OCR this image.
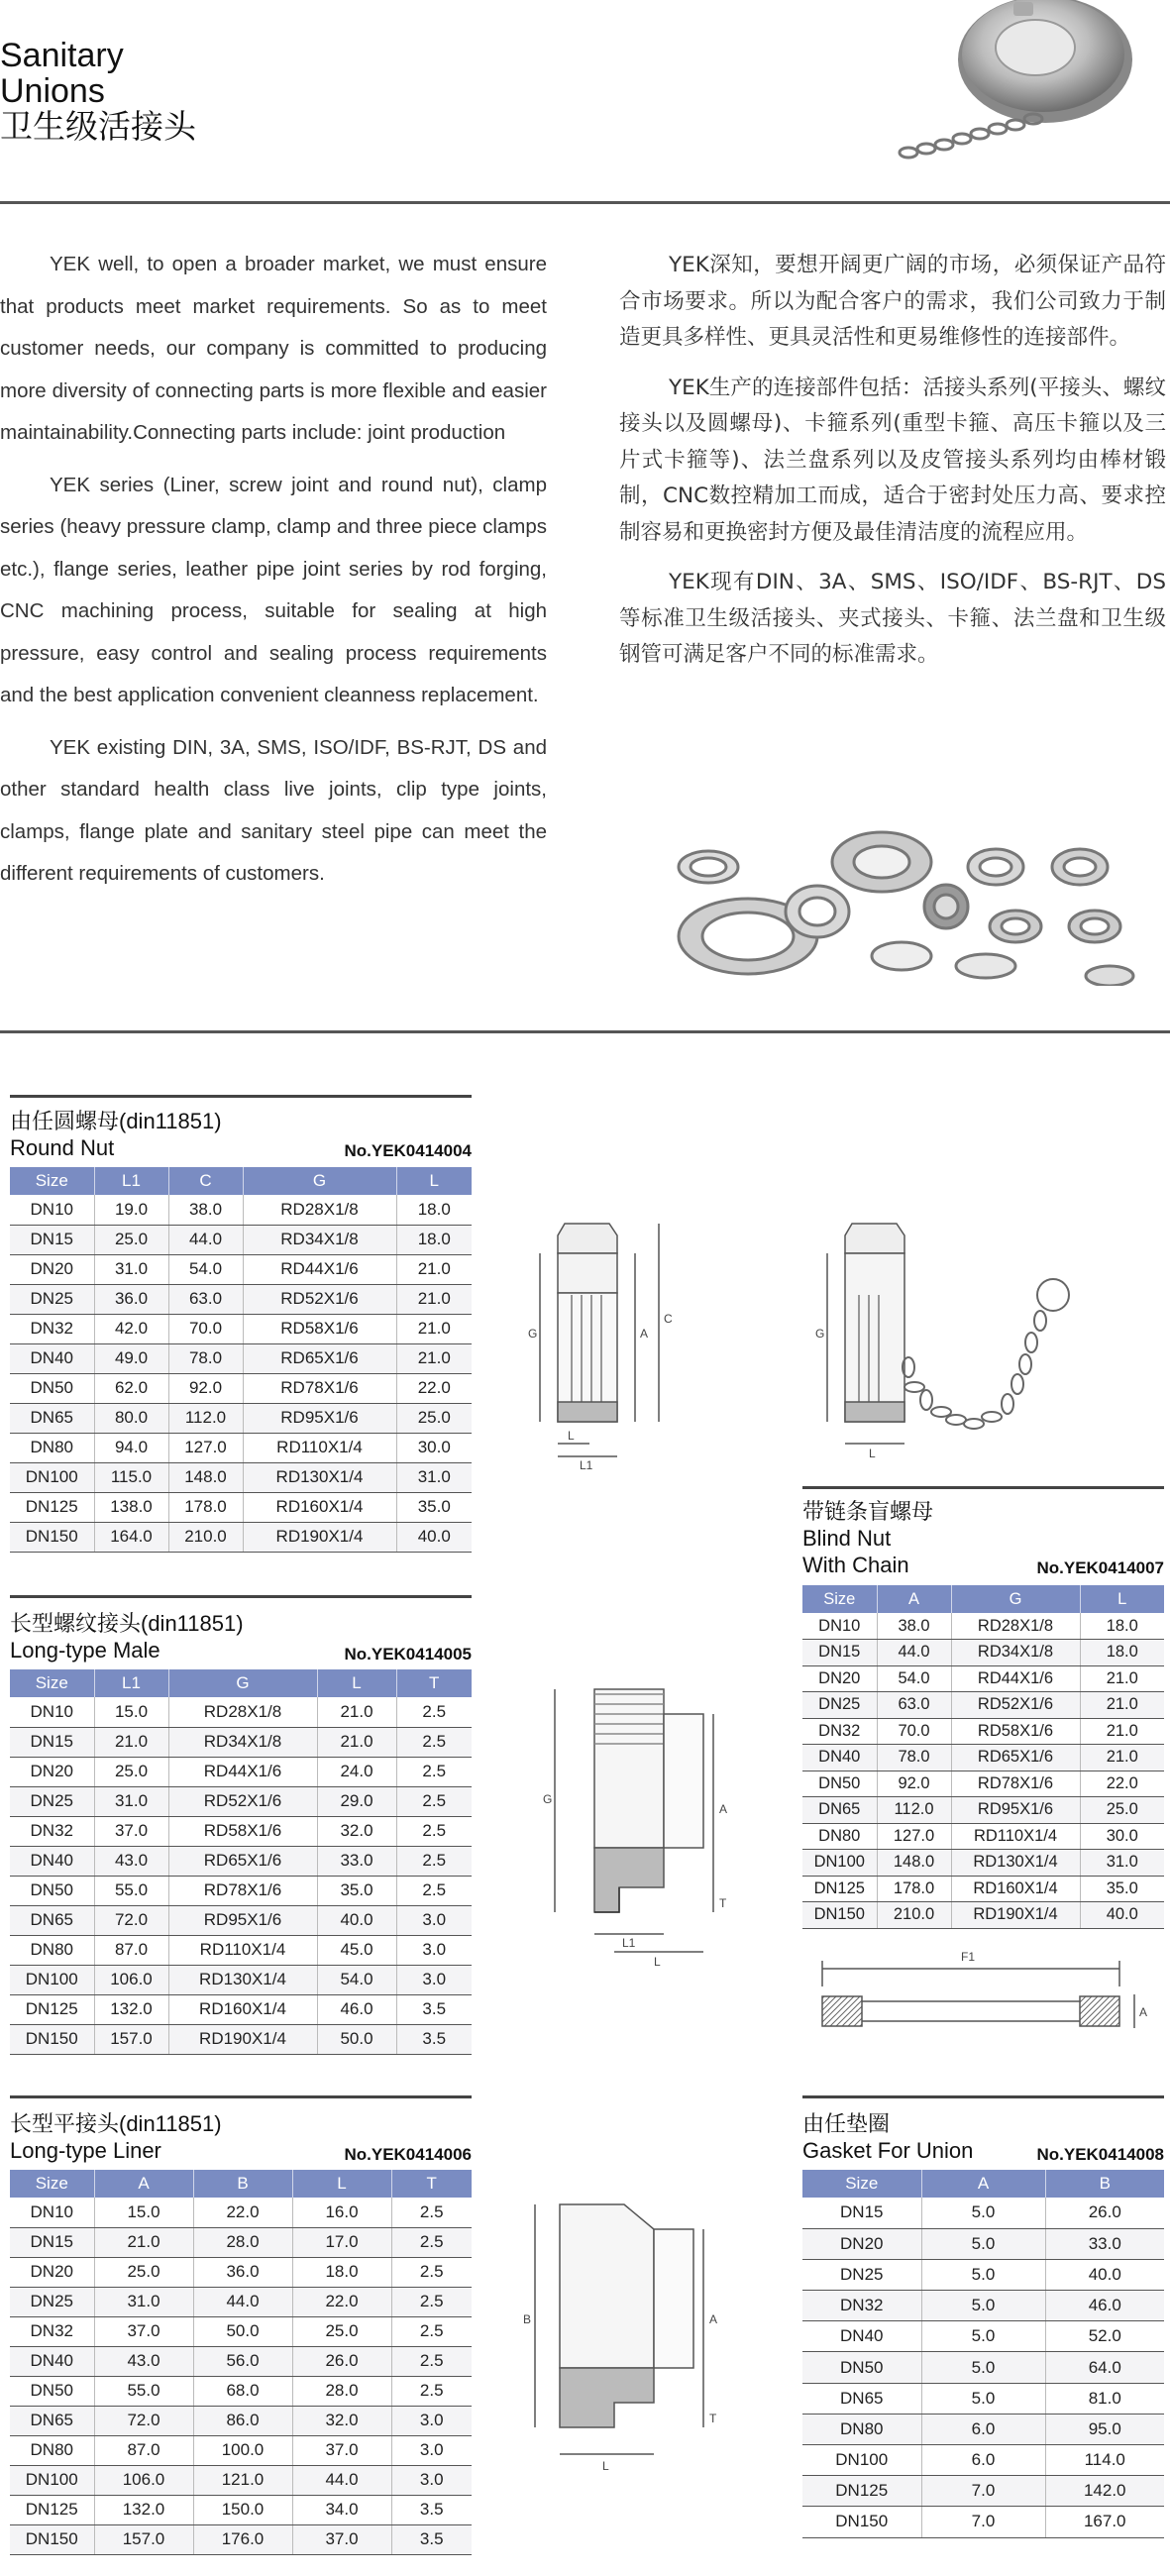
Sanitary
Unions
卫生级活接头

YEK well, to open a broader market, we must ensure that products meet market requirements. So as to meet customer needs, our company is committed to producing more diversity of connecting parts is more flexible and easier maintainability.Connecting parts include: joint production

YEK series (Liner, screw joint and round nut), clamp series (heavy pressure clamp, clamp and three piece clamps etc.), flange series, leather pipe joint series by rod forging, CNC machining process, suitable for sealing at high pressure, easy control and sealing process requirements and the best application convenient cleanness replacement.

YEK existing DIN, 3A, SMS, ISO/IDF, BS-RJT, DS and other standard health class live joints, clip type joints, clamps, flange plate and sanitary steel pipe can meet the different requirements of customers.

YEK深知，要想开阔更广阔的市场，必须保证产品符合市场要求。所以为配合客户的需求，我们公司致力于制造更具多样性、更具灵活性和更易维修性的连接部件。

YEK生产的连接部件包括：活接头系列(平接头、螺纹接头以及圆螺母)、卡箍系列(重型卡箍、高压卡箍以及三片式卡箍等)、法兰盘系列以及皮管接头系列均由棒材锻制，CNC数控精加工而成，适合于密封处压力高、要求控制容易和更换密封方便及最佳清洁度的流程应用。

YEK现有DIN、3A、SMS、ISO/IDF、BS-RJT、DS等标准卫生级活接头、夹式接头、卡箍、法兰盘和卫生级钢管可满足客户不同的标准需求。

由任圆螺母(din11851)
Round Nut	No.YEK0414004
Size	L1	C	G	L
DN10	19.0	38.0	RD28X1/8	18.0
DN15	25.0	44.0	RD34X1/8	18.0
DN20	31.0	54.0	RD44X1/6	21.0
DN25	36.0	63.0	RD52X1/6	21.0
DN32	42.0	70.0	RD58X1/6	21.0
DN40	49.0	78.0	RD65X1/6	21.0
DN50	62.0	92.0	RD78X1/6	22.0
DN65	80.0	112.0	RD95X1/6	25.0
DN80	94.0	127.0	RD110X1/4	30.0
DN100	115.0	148.0	RD130X1/4	31.0
DN125	138.0	178.0	RD160X1/4	35.0
DN150	164.0	210.0	RD190X1/4	40.0
长型螺纹接头(din11851)
Long-type Male	No.YEK0414005
Size	L1	G	L	T
DN10	15.0	RD28X1/8	21.0	2.5
DN15	21.0	RD34X1/8	21.0	2.5
DN20	25.0	RD44X1/6	24.0	2.5
DN25	31.0	RD52X1/6	29.0	2.5
DN32	37.0	RD58X1/6	32.0	2.5
DN40	43.0	RD65X1/6	33.0	2.5
DN50	55.0	RD78X1/6	35.0	2.5
DN65	72.0	RD95X1/6	40.0	3.0
DN80	87.0	RD110X1/4	45.0	3.0
DN100	106.0	RD130X1/4	54.0	3.0
DN125	132.0	RD160X1/4	46.0	3.5
DN150	157.0	RD190X1/4	50.0	3.5
长型平接头(din11851)
Long-type Liner	No.YEK0414006
Size	A	B	L	T
DN10	15.0	22.0	16.0	2.5
DN15	21.0	28.0	17.0	2.5
DN20	25.0	36.0	18.0	2.5
DN25	31.0	44.0	22.0	2.5
DN32	37.0	50.0	25.0	2.5
DN40	43.0	56.0	26.0	2.5
DN50	55.0	68.0	28.0	2.5
DN65	72.0	86.0	32.0	3.0
DN80	87.0	100.0	37.0	3.0
DN100	106.0	121.0	44.0	3.0
DN125	132.0	150.0	34.0	3.5
DN150	157.0	176.0	37.0	3.5
带链条盲螺母
Blind Nut
With Chain	No.YEK0414007
Size	A	G	L
DN10	38.0	RD28X1/8	18.0
DN15	44.0	RD34X1/8	18.0
DN20	54.0	RD44X1/6	21.0
DN25	63.0	RD52X1/6	21.0
DN32	70.0	RD58X1/6	21.0
DN40	78.0	RD65X1/6	21.0
DN50	92.0	RD78X1/6	22.0
DN65	112.0	RD95X1/6	25.0
DN80	127.0	RD110X1/4	30.0
DN100	148.0	RD130X1/4	31.0
DN125	178.0	RD160X1/4	35.0
DN150	210.0	RD190X1/4	40.0
由任垫圈
Gasket For Union	No.YEK0414008
Size	A	B
DN15	5.0	26.0
DN20	5.0	33.0
DN25	5.0	40.0
DN32	5.0	46.0
DN40	5.0	52.0
DN50	5.0	64.0
DN65	5.0	81.0
DN80	6.0	95.0
DN100	6.0	114.0
DN125	7.0	142.0
DN150	7.0	167.0
G	A
C
L
L1
G
L
G
A
T
L1
L	F1
A
B	A
T
L
